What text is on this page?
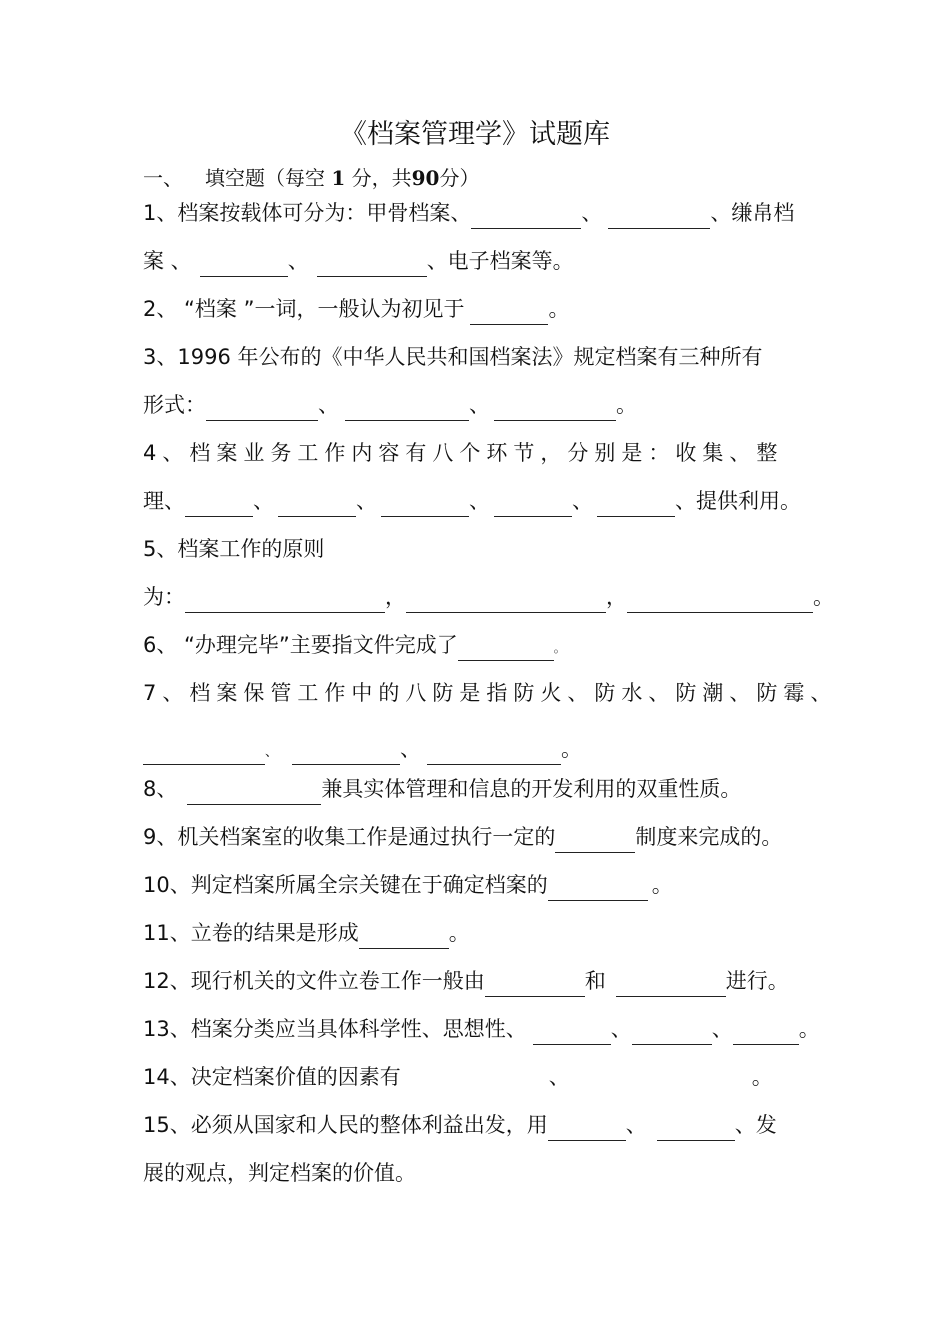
《档案管理学》试题库
一、 填空题（每空 1 分，共90分）
1、档案按载体可分为：甲骨档案、	、	、缣帛档
案 、	、	、电子档案等。
2、 “档案 ”一词，一般认为初见于	。
3、1996 年公布的《中华人民共和国档案法》规定档案有三种所有
形式：	、	、	。
4、档案业务工作内容有八个环节，分别是：收集、整
理、	、	、	、	、	、提供利用。
5、档案工作的原则
为：	，	，	。
6、 “办理完毕”主要指文件完成了	。
7、档案保管工作中的八防是指防火、防水、防潮、防霉、
、	、	。
8、	兼具实体管理和信息的开发利用的双重性质。
9、机关档案室的收集工作是通过执行一定的	制度来完成的。
10、判定档案所属全宗关键在于确定档案的	。
11、立卷的结果是形成	。
12、现行机关的文件立卷工作一般由	和	进行。
13、档案分类应当具体科学性、思想性、	、	、	。
14、决定档案价值的因素有	、	。
15、必须从国家和人民的整体利益出发，用	、	、发
展的观点，判定档案的价值。
